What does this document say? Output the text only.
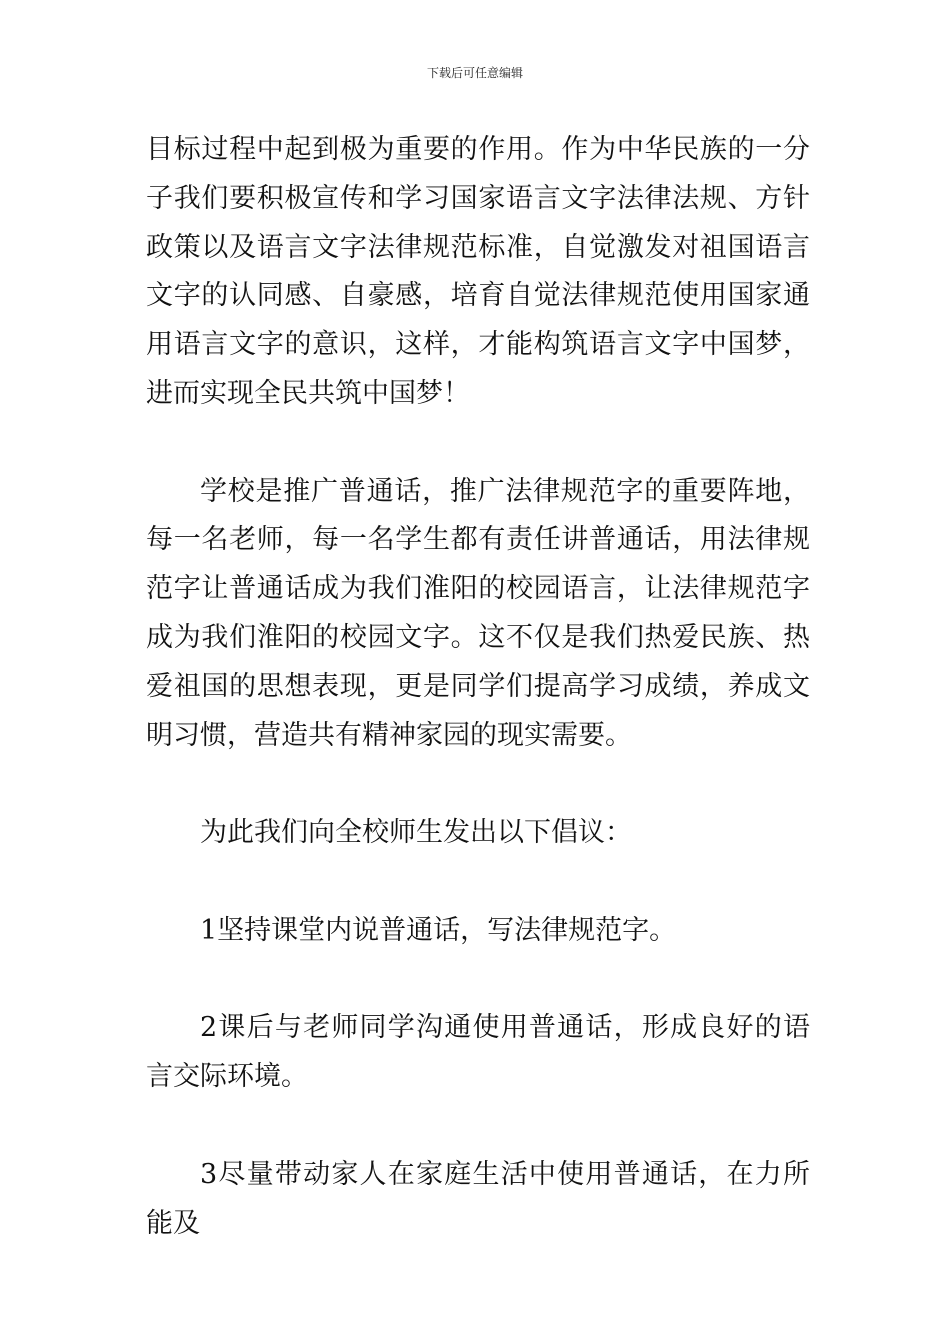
下载后可任意编辑

目标过程中起到极为重要的作用。作为中华民族的一分子我们要积极宣传和学习国家语言文字法律法规、方针政策以及语言文字法律规范标准，自觉激发对祖国语言文字的认同感、自豪感，培育自觉法律规范使用国家通用语言文字的意识，这样，才能构筑语言文字中国梦，进而实现全民共筑中国梦！

学校是推广普通话，推广法律规范字的重要阵地，每一名老师，每一名学生都有责任讲普通话，用法律规范字让普通话成为我们淮阳的校园语言，让法律规范字成为我们淮阳的校园文字。这不仅是我们热爱民族、热爱祖国的思想表现，更是同学们提高学习成绩，养成文明习惯，营造共有精神家园的现实需要。

为此我们向全校师生发出以下倡议：

1坚持课堂内说普通话，写法律规范字。

2课后与老师同学沟通使用普通话，形成良好的语言交际环境。

3尽量带动家人在家庭生活中使用普通话，在力所能及
